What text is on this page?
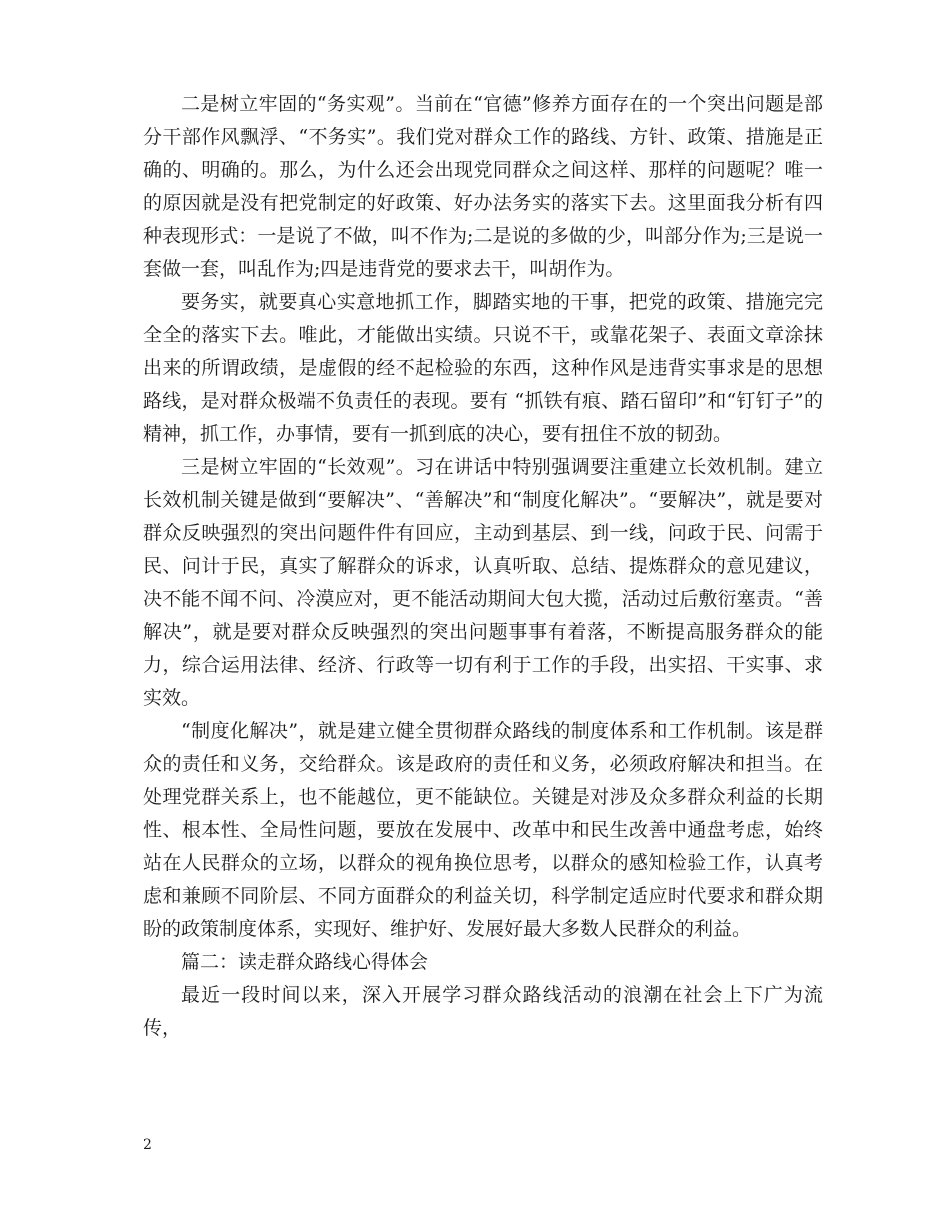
二是树立牢固的“务实观”。当前在“官德”修养方面存在的一个突出问题是部分干部作风飘浮、“不务实”。我们党对群众工作的路线、方针、政策、措施是正确的、明确的。那么，为什么还会出现党同群众之间这样、那样的问题呢？唯一的原因就是没有把党制定的好政策、好办法务实的落实下去。这里面我分析有四种表现形式：一是说了不做，叫不作为;二是说的多做的少，叫部分作为;三是说一套做一套，叫乱作为;四是违背党的要求去干，叫胡作为。

要务实，就要真心实意地抓工作，脚踏实地的干事，把党的政策、措施完完全全的落实下去。唯此，才能做出实绩。只说不干，或靠花架子、表面文章涂抹出来的所谓政绩，是虚假的经不起检验的东西，这种作风是违背实事求是的思想路线，是对群众极端不负责任的表现。要有 “抓铁有痕、踏石留印”和“钉钉子”的精神，抓工作，办事情，要有一抓到底的决心，要有扭住不放的韧劲。

三是树立牢固的“长效观”。习在讲话中特别强调要注重建立长效机制。建立长效机制关键是做到“要解决”、“善解决”和“制度化解决”。“要解决”，就是要对群众反映强烈的突出问题件件有回应，主动到基层、到一线，问政于民、问需于民、问计于民，真实了解群众的诉求，认真听取、总结、提炼群众的意见建议，决不能不闻不问、冷漠应对，更不能活动期间大包大揽，活动过后敷衍塞责。“善解决”，就是要对群众反映强烈的突出问题事事有着落，不断提高服务群众的能力，综合运用法律、经济、行政等一切有利于工作的手段，出实招、干实事、求实效。

“制度化解决”，就是建立健全贯彻群众路线的制度体系和工作机制。该是群众的责任和义务，交给群众。该是政府的责任和义务，必须政府解决和担当。在处理党群关系上，也不能越位，更不能缺位。关键是对涉及众多群众利益的长期性、根本性、全局性问题，要放在发展中、改革中和民生改善中通盘考虑，始终站在人民群众的立场，以群众的视角换位思考，以群众的感知检验工作，认真考虑和兼顾不同阶层、不同方面群众的利益关切，科学制定适应时代要求和群众期盼的政策制度体系，实现好、维护好、发展好最大多数人民群众的利益。

篇二：读走群众路线心得体会

最近一段时间以来，深入开展学习群众路线活动的浪潮在社会上下广为流传，

2
